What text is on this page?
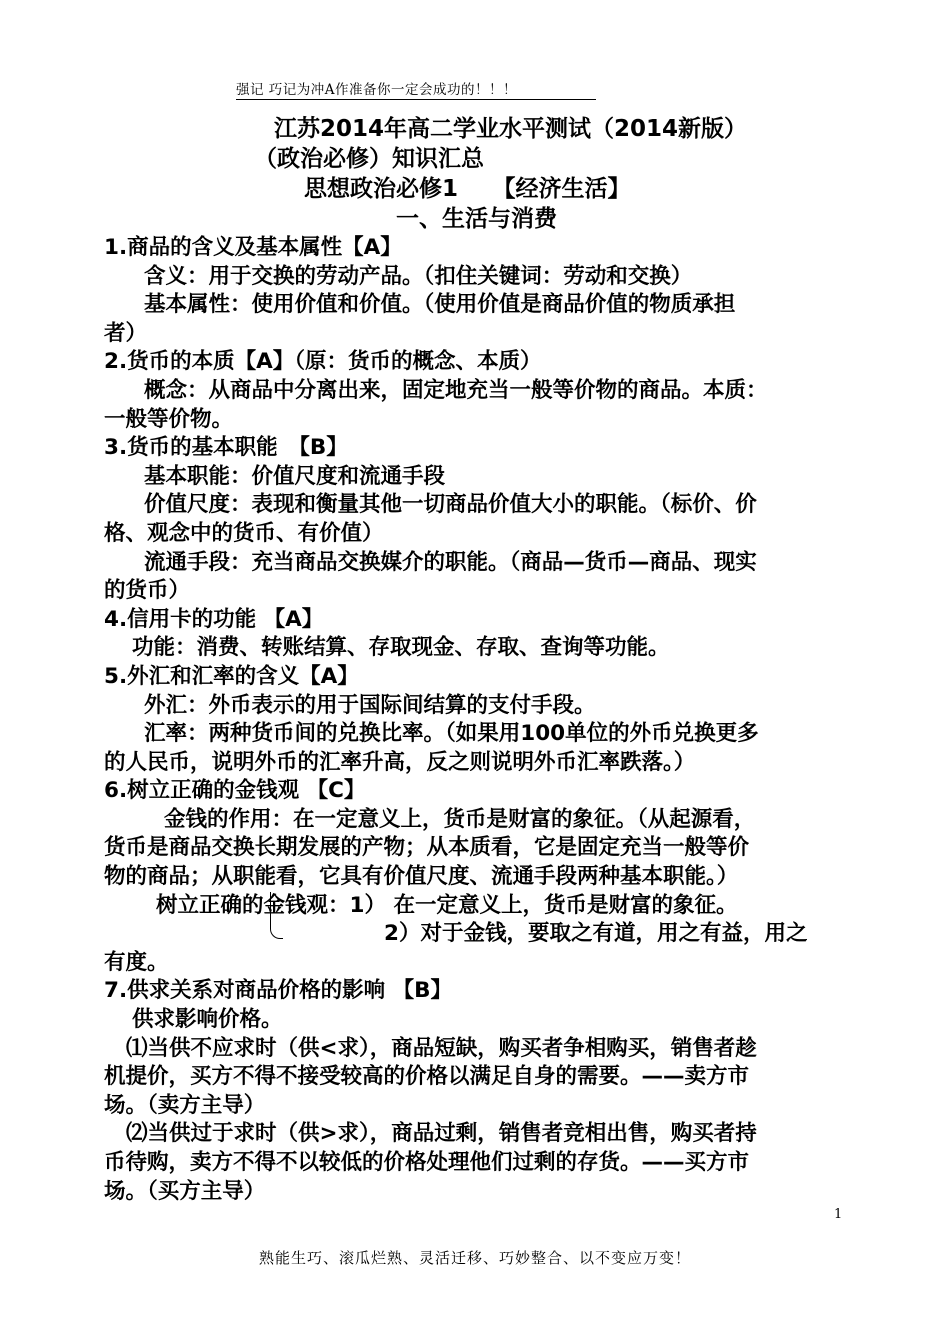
强记 巧记为冲A作准备你一定会成功的！！！
江苏2014年高二学业水平测试（2014新版）
（政治必修）知识汇总
思想政治必修1　　【经济生活】
一、生活与消费
1.商品的含义及基本属性【A】
含义：用于交换的劳动产品。（扣住关键词：劳动和交换）
基本属性：使用价值和价值。（使用价值是商品价值的物质承担
者）
2.货币的本质【A】（原：货币的概念、本质）
概念：从商品中分离出来，固定地充当一般等价物的商品。本质：
一般等价物。
3.货币的基本职能　【B】
基本职能：价值尺度和流通手段
价值尺度：表现和衡量其他一切商品价值大小的职能。（标价、价
格、观念中的货币、有价值）
流通手段：充当商品交换媒介的职能。（商品—货币—商品、现实
的货币）
4.信用卡的功能 【A】
功能：消费、转账结算、存取现金、存取、查询等功能。
5.外汇和汇率的含义【A】
外汇：外币表示的用于国际间结算的支付手段。
汇率：两种货币间的兑换比率。（如果用100单位的外币兑换更多
的人民币，说明外币的汇率升高，反之则说明外币汇率跌落。）
6.树立正确的金钱观 【C】
金钱的作用：在一定意义上，货币是财富的象征。（从起源看，
货币是商品交换长期发展的产物；从本质看，它是固定充当一般等价
物的商品；从职能看，它具有价值尺度、流通手段两种基本职能。）
树立正确的金钱观：1） 在一定意义上，货币是财富的象征。
2）对于金钱，要取之有道，用之有益，用之
有度。
7.供求关系对商品价格的影响 【B】
供求影响价格。
⑴当供不应求时（供<求），商品短缺，购买者争相购买，销售者趁
机提价，买方不得不接受较高的价格以满足自身的需要。——卖方市
场。（卖方主导）
⑵当供过于求时（供>求），商品过剩，销售者竞相出售，购买者持
币待购，卖方不得不以较低的价格处理他们过剩的存货。——买方市
场。（买方主导）
1
熟能生巧、滚瓜烂熟、灵活迁移、巧妙整合、以不变应万变！
